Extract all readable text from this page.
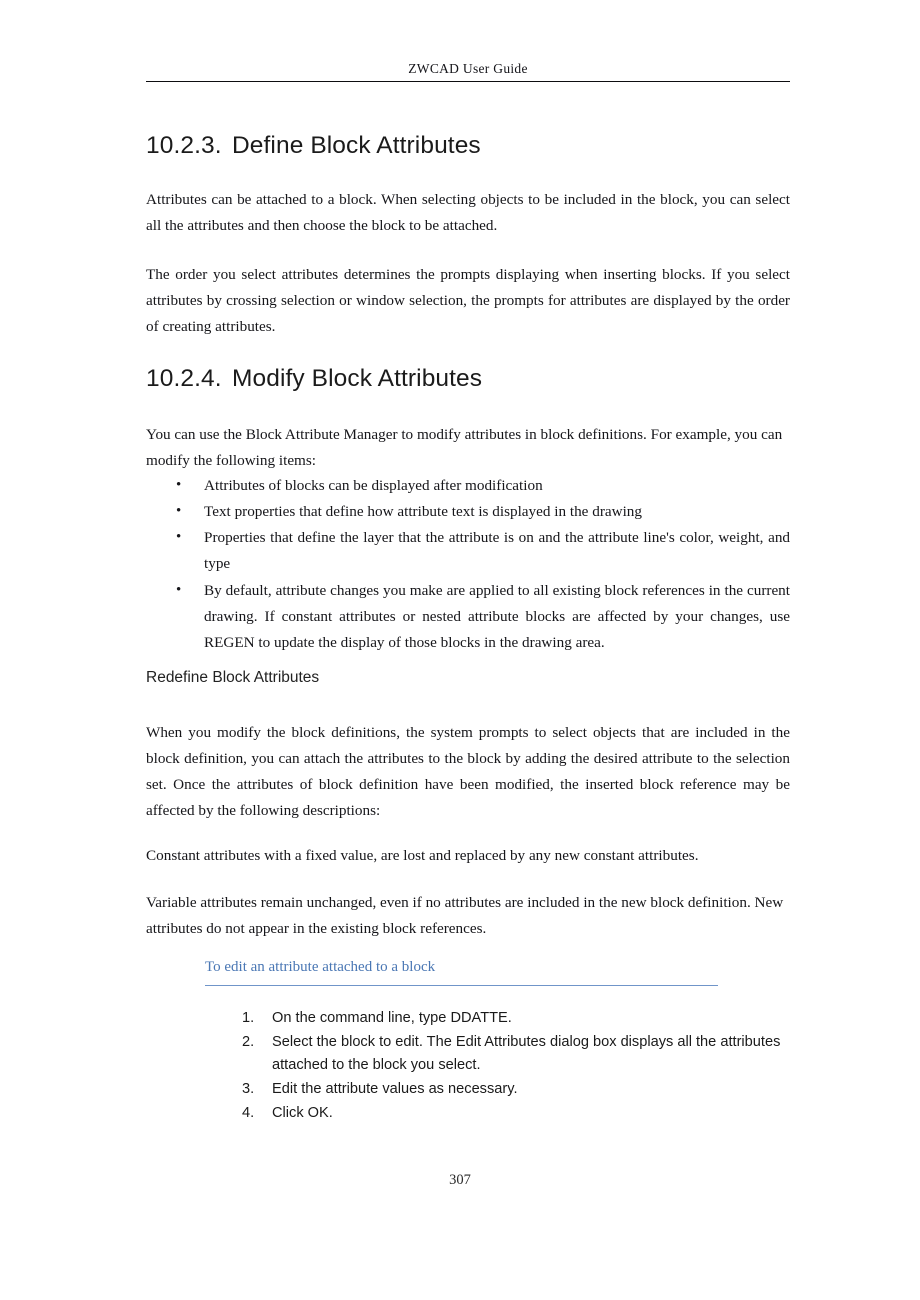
ZWCAD User Guide
10.2.3. Define Block Attributes

Attributes can be attached to a block. When selecting objects to be included in the block, you can select all the attributes and then choose the block to be attached.

The order you select attributes determines the prompts displaying when inserting blocks. If you select attributes by crossing selection or window selection, the prompts for attributes are displayed by the order of creating attributes.

10.2.4. Modify Block Attributes

You can use the Block Attribute Manager to modify attributes in block definitions. For example, you can modify the following items:

• Attributes of blocks can be displayed after modification
• Text properties that define how attribute text is displayed in the drawing
• Properties that define the layer that the attribute is on and the attribute line's color, weight, and type
• By default, attribute changes you make are applied to all existing block references in the current drawing. If constant attributes or nested attribute blocks are affected by your changes, use REGEN to update the display of those blocks in the drawing area.
Redefine Block Attributes

When you modify the block definitions, the system prompts to select objects that are included in the block definition, you can attach the attributes to the block by adding the desired attribute to the selection set. Once the attributes of block definition have been modified, the inserted block reference may be affected by the following descriptions:

Constant attributes with a fixed value, are lost and replaced by any new constant attributes.

Variable attributes remain unchanged, even if no attributes are included in the new block definition. New attributes do not appear in the existing block references.

To edit an attribute attached to a block
1. On the command line, type DDATTE.
2. Select the block to edit. The Edit Attributes dialog box displays all the attributes attached to the block you select.
3. Edit the attribute values as necessary.
4. Click OK.
307
